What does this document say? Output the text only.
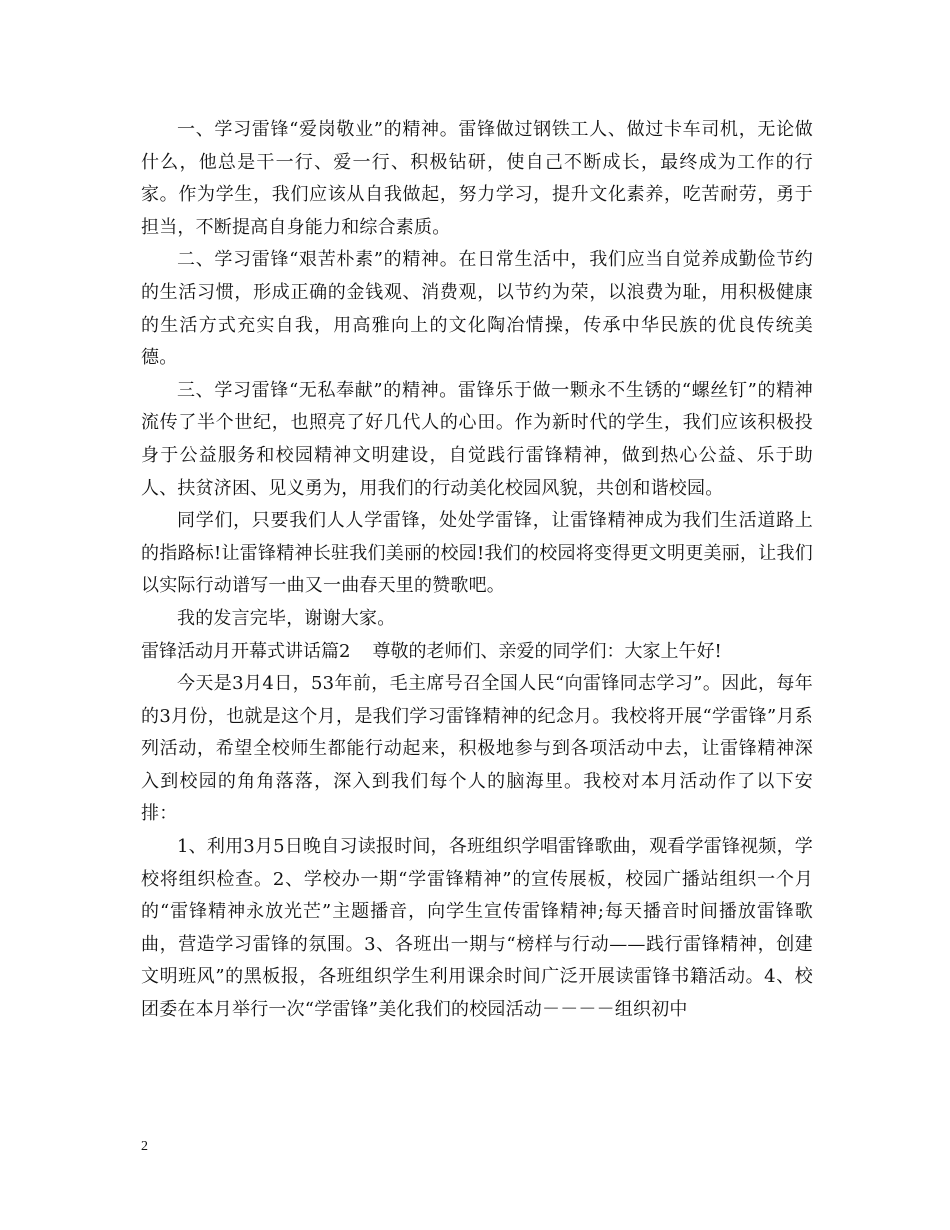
一、学习雷锋“爱岗敬业”的精神。雷锋做过钢铁工人、做过卡车司机，无论做什么，他总是干一行、爱一行、积极钻研，使自己不断成长，最终成为工作的行家。作为学生，我们应该从自我做起，努力学习，提升文化素养，吃苦耐劳，勇于担当，不断提高自身能力和综合素质。

二、学习雷锋“艰苦朴素”的精神。在日常生活中，我们应当自觉养成勤俭节约的生活习惯，形成正确的金钱观、消费观，以节约为荣，以浪费为耻，用积极健康的生活方式充实自我，用高雅向上的文化陶冶情操，传承中华民族的优良传统美德。

三、学习雷锋“无私奉献”的精神。雷锋乐于做一颗永不生锈的“螺丝钉”的精神流传了半个世纪，也照亮了好几代人的心田。作为新时代的学生，我们应该积极投身于公益服务和校园精神文明建设，自觉践行雷锋精神，做到热心公益、乐于助人、扶贫济困、见义勇为，用我们的行动美化校园风貌，共创和谐校园。

同学们，只要我们人人学雷锋，处处学雷锋，让雷锋精神成为我们生活道路上的指路标!让雷锋精神长驻我们美丽的校园!我们的校园将变得更文明更美丽，让我们以实际行动谱写一曲又一曲春天里的赞歌吧。

我的发言完毕，谢谢大家。

雷锋活动月开幕式讲话篇2 尊敬的老师们、亲爱的同学们：大家上午好!

今天是3月4日，53年前，毛主席号召全国人民“向雷锋同志学习”。因此，每年的3月份，也就是这个月，是我们学习雷锋精神的纪念月。我校将开展“学雷锋”月系列活动，希望全校师生都能行动起来，积极地参与到各项活动中去，让雷锋精神深入到校园的角角落落，深入到我们每个人的脑海里。我校对本月活动作了以下安排：

1、利用3月5日晚自习读报时间，各班组织学唱雷锋歌曲，观看学雷锋视频，学校将组织检查。2、学校办一期“学雷锋精神”的宣传展板，校园广播站组织一个月的“雷锋精神永放光芒”主题播音，向学生宣传雷锋精神;每天播音时间播放雷锋歌曲，营造学习雷锋的氛围。3、各班出一期与“榜样与行动——践行雷锋精神，创建文明班风”的黑板报，各班组织学生利用课余时间广泛开展读雷锋书籍活动。4、校团委在本月举行一次“学雷锋”美化我们的校园活动－－－－组织初中

2
